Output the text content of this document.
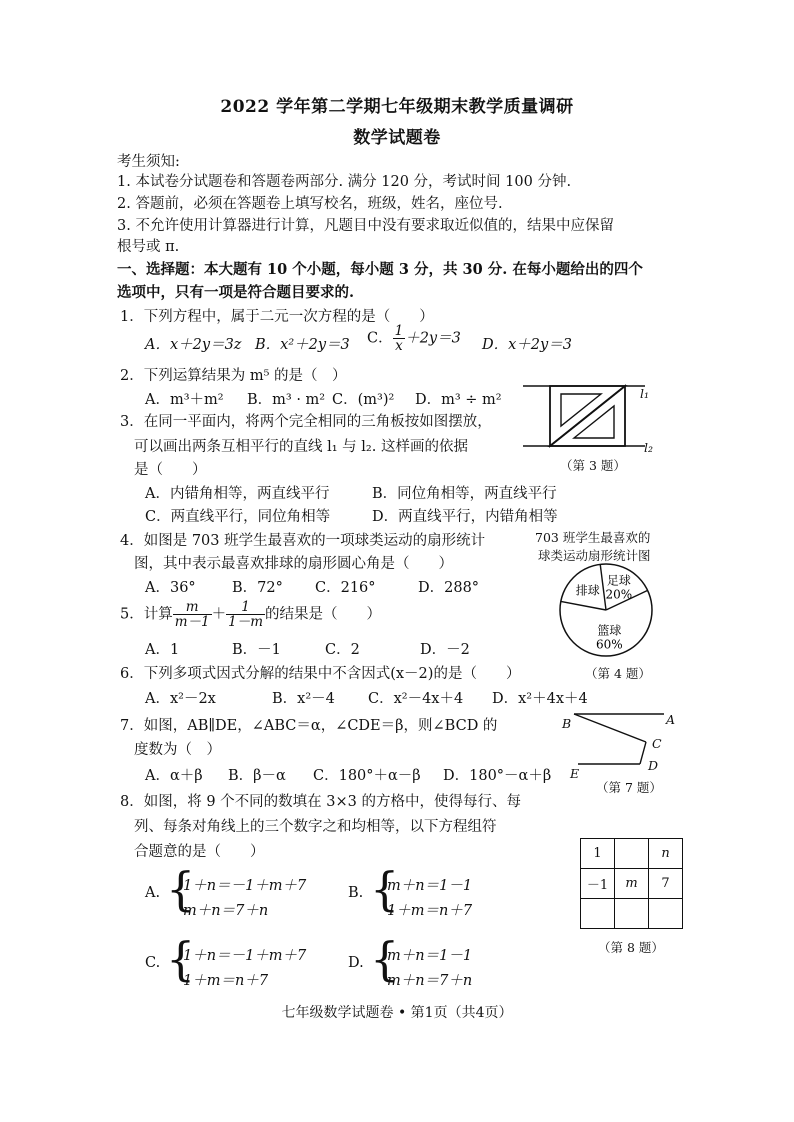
2022 学年第二学期七年级期末教学质量调研
数学试题卷
考生须知:
1. 本试卷分试题卷和答题卷两部分. 满分 120 分，考试时间 100 分钟.
2. 答题前，必须在答题卷上填写校名，班级，姓名，座位号.
3. 不允许使用计算器进行计算，凡题目中没有要求取近似值的，结果中应保留
根号或 π.
一、选择题：本大题有 10 个小题，每小题 3 分，共 30 分. 在每小题给出的四个
选项中，只有一项是符合题目要求的.
1．下列方程中，属于二元一次方程的是（　　）
A．x＋2y＝3z B．x²＋2y＝3 C． $\frac{1}{x} +2y=3$ D．x＋2y＝3
2．下列运算结果为 m⁵ 的是（　）
A．m³＋m² B．m³ · m² C．(m³)² D．m³ ÷ m²
3．在同一平面内，将两个完全相同的三角板按如图摆放，
可以画出两条互相平行的直线 l₁ 与 l₂. 这样画的依据
是（　　）
A．内错角相等，两直线平行	B．同位角相等，两直线平行
C．两直线平行，同位角相等	D．两直线平行，内错角相等
l₁
l₂
（第 3 题）
4．如图是 703 班学生最喜欢的一项球类运动的扇形统计
图，其中表示最喜欢排球的扇形圆心角是（　　）
A．36°	B．72° C．216°	D．288°
703 班学生最喜欢的
球类运动扇形统计图
足球
20%
篮球
60%
排球
（第 4 题）
5．计算 $\frac{m}{m-1} + \frac{1}{1-m}$ 的结果是（　　）
A．1	B．－1	C．2	D．－2
6．下列多项式因式分解的结果中不含因式(x－2)的是（　　）
A．x²－2x	B．x²－4 C．x²－4x＋4 D．x²＋4x＋4
7．如图，AB∥DE，∠ABC＝α，∠CDE＝β，则∠BCD 的
度数为（　）
A．α＋β B．β－α C．180°＋α－β D．180°－α＋β
B	A
C
D
E
（第 7 题）
8．如图，将 9 个不同的数填在 3×3 的方格中，使得每行、每
列、每条对角线上的三个数字之和均相等，以下方程组符
合题意的是（　　）
A. {
1＋n＝－1＋m＋7
m＋n＝7＋n
B. {
m＋n＝1－1
1＋m＝n＋7
C. {
1＋n＝－1＋m＋7
1＋m＝n＋7
D. {
m＋n＝1－1
m＋n＝7＋n
1		n
－1	m	7

（第 8 题）
七年级数学试题卷 • 第1页（共4页）
